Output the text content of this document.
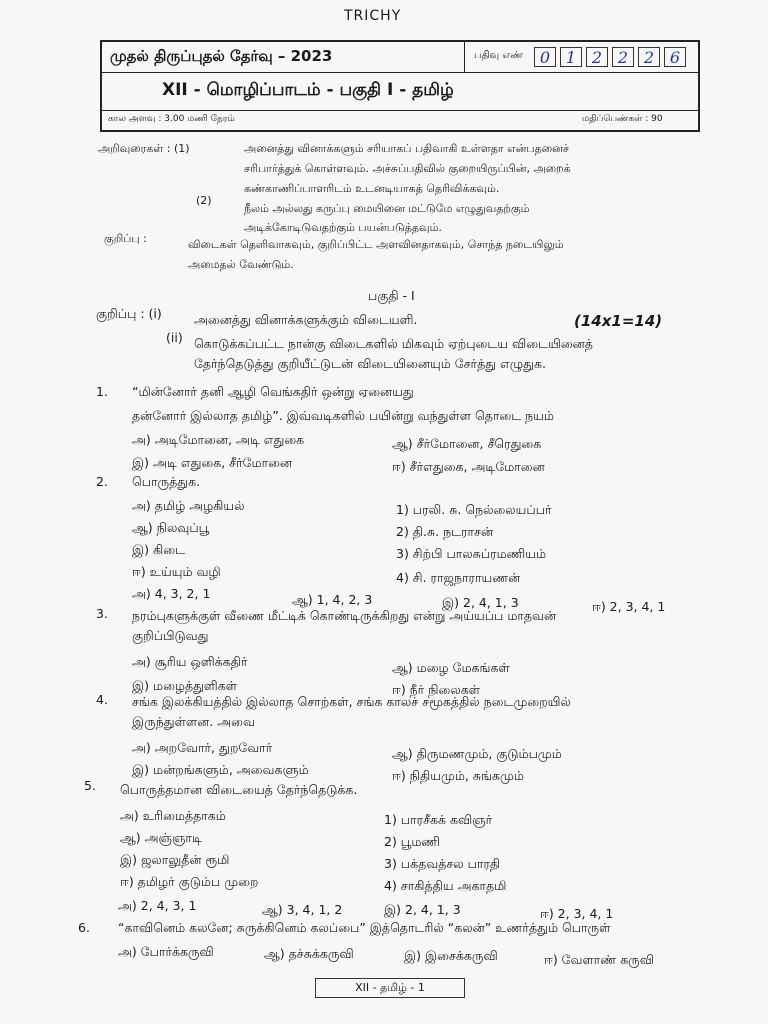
TRICHY
முதல் திருப்புதல் தேர்வு – 2023	பதிவு எண்	0 1 2 2 2 6
XII - மொழிப்பாடம் - பகுதி I - தமிழ்
கால அளவு : 3.00 மணி நேரம்	மதிப்பெண்கள் : 90
அறிவுரைகள் : (1)	அனைத்து வினாக்களும் சரியாகப் பதிவாகி உள்ளதா என்பதனைச்
சரிபார்த்துக் கொள்ளவும். அச்சுப்பதிவில் குறையிருப்பின், அறைக்
கண்காணிப்பாளரிடம் உடனடியாகத் தெரிவிக்கவும்.
(2)
நீலம் அல்லது கருப்பு மையினை மட்டுமே எழுதுவதற்கும்
அடிக்கோடிடுவதற்கும் பயன்படுத்தவும்.
குறிப்பு :	விடைகள் தெளிவாகவும், குறிப்பிட்ட அளவினதாகவும், சொந்த நடையிலும்
அமைதல் வேண்டும்.
பகுதி - I
குறிப்பு : (i)	அனைத்து வினாக்களுக்கும் விடையளி.	(14x1=14)
(ii) கொடுக்கப்பட்ட நான்கு விடைகளில் மிகவும் ஏற்புடைய விடையினைத்
தேர்ந்தெடுத்து குறியீட்டுடன் விடையினையும் சேர்த்து எழுதுக.
1. “மின்னோர் தனி ஆழி வெங்கதிர் ஒன்று ஏனையது
தன்னோர் இல்லாத தமிழ்”. இவ்வடிகளில் பயின்று வந்துள்ள தொடை நயம்
அ) அடிமோனை, அடி எதுகை	ஆ) சீர்மோனை, சீரெதுகை
இ) அடி எதுகை, சீர்மோனை	ஈ) சீர்எதுகை, அடிமோனை
2. பொருத்துக.
அ) தமிழ் அழகியல்	1) பரலி. சு. நெல்லையப்பர்
ஆ) நிலவுப்பூ	2) தி.சு. நடராசன்
இ) கிடை	3) சிற்பி பாலசுப்ரமணியம்
ஈ) உய்யும் வழி	4) சி. ராஜநாராயணன்
அ) 4, 3, 2, 1	ஆ) 1, 4, 2, 3	இ) 2, 4, 1, 3	ஈ) 2, 3, 4, 1
3. நரம்புகளுக்குள் வீணை மீட்டிக் கொண்டிருக்கிறது என்று அய்யப்ப மாதவன்
குறிப்பிடுவது
அ) சூரிய ஒளிக்கதிர்	ஆ) மழை மேகங்கள்
இ) மழைத்துளிகள்	ஈ) நீர் நிலைகள்
4. சங்க இலக்கியத்தில் இல்லாத சொற்கள், சங்க காலச் சமூகத்தில் நடைமுறையில்
இருந்துள்ளன. அவை
அ) அறவோர், துறவோர்	ஆ) திருமணமும், குடும்பமும்
இ) மன்றங்களும், அவைகளும்	ஈ) நிதியமும், சுங்கமும்
5. பொருத்தமான விடையைத் தேர்ந்தெடுக்க.
அ) உரிமைத்தாகம்	1) பாரசீகக் கவிஞர்
ஆ) அஞ்ஞாடி	2) பூமணி
இ) ஜலாலுதீன் ரூமி	3) பக்தவத்சல பாரதி
ஈ) தமிழர் குடும்ப முறை	4) சாகித்திய அகாதமி
அ) 2, 4, 3, 1	ஆ) 3, 4, 1, 2	இ) 2, 4, 1, 3	ஈ) 2, 3, 4, 1
6. “காவினெம் கலனே; சுருக்கினெம் கலப்பை” இத்தொடரில் “கலன்” உணர்த்தும் பொருள்
அ) போர்க்கருவி	ஆ) தச்சுக்கருவி	இ) இசைக்கருவி	ஈ) வேளாண் கருவி
XII - தமிழ் - 1
